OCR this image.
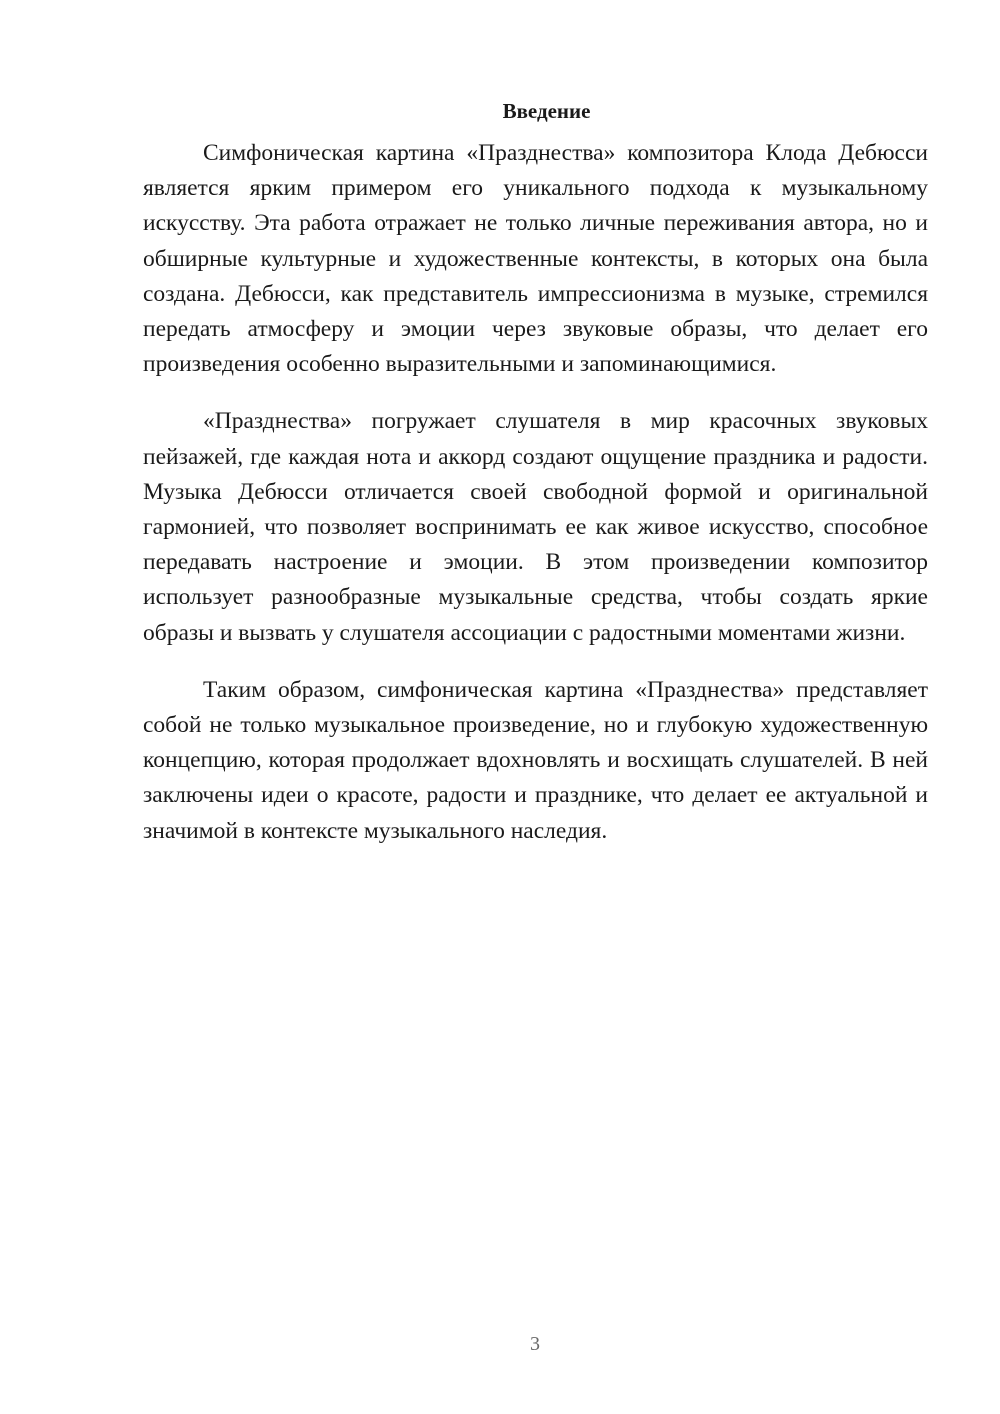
Введение

Симфоническая картина «Празднества» композитора Клода Дебюсси является ярким примером его уникального подхода к музыкальному искусству. Эта работа отражает не только личные переживания автора, но и обширные культурные и художественные контексты, в которых она была создана. Дебюсси, как представитель импрессионизма в музыке, стремился передать атмосферу и эмоции через звуковые образы, что делает его произведения особенно выразительными и запоминающимися.

«Празднества» погружает слушателя в мир красочных звуковых пейзажей, где каждая нота и аккорд создают ощущение праздника и радости. Музыка Дебюсси отличается своей свободной формой и оригинальной гармонией, что позволяет воспринимать ее как живое искусство, способное передавать настроение и эмоции. В этом произведении композитор использует разнообразные музыкальные средства, чтобы создать яркие образы и вызвать у слушателя ассоциации с радостными моментами жизни.

Таким образом, симфоническая картина «Празднества» представляет собой не только музыкальное произведение, но и глубокую художественную концепцию, которая продолжает вдохновлять и восхищать слушателей. В ней заключены идеи о красоте, радости и празднике, что делает ее актуальной и значимой в контексте музыкального наследия.

3
